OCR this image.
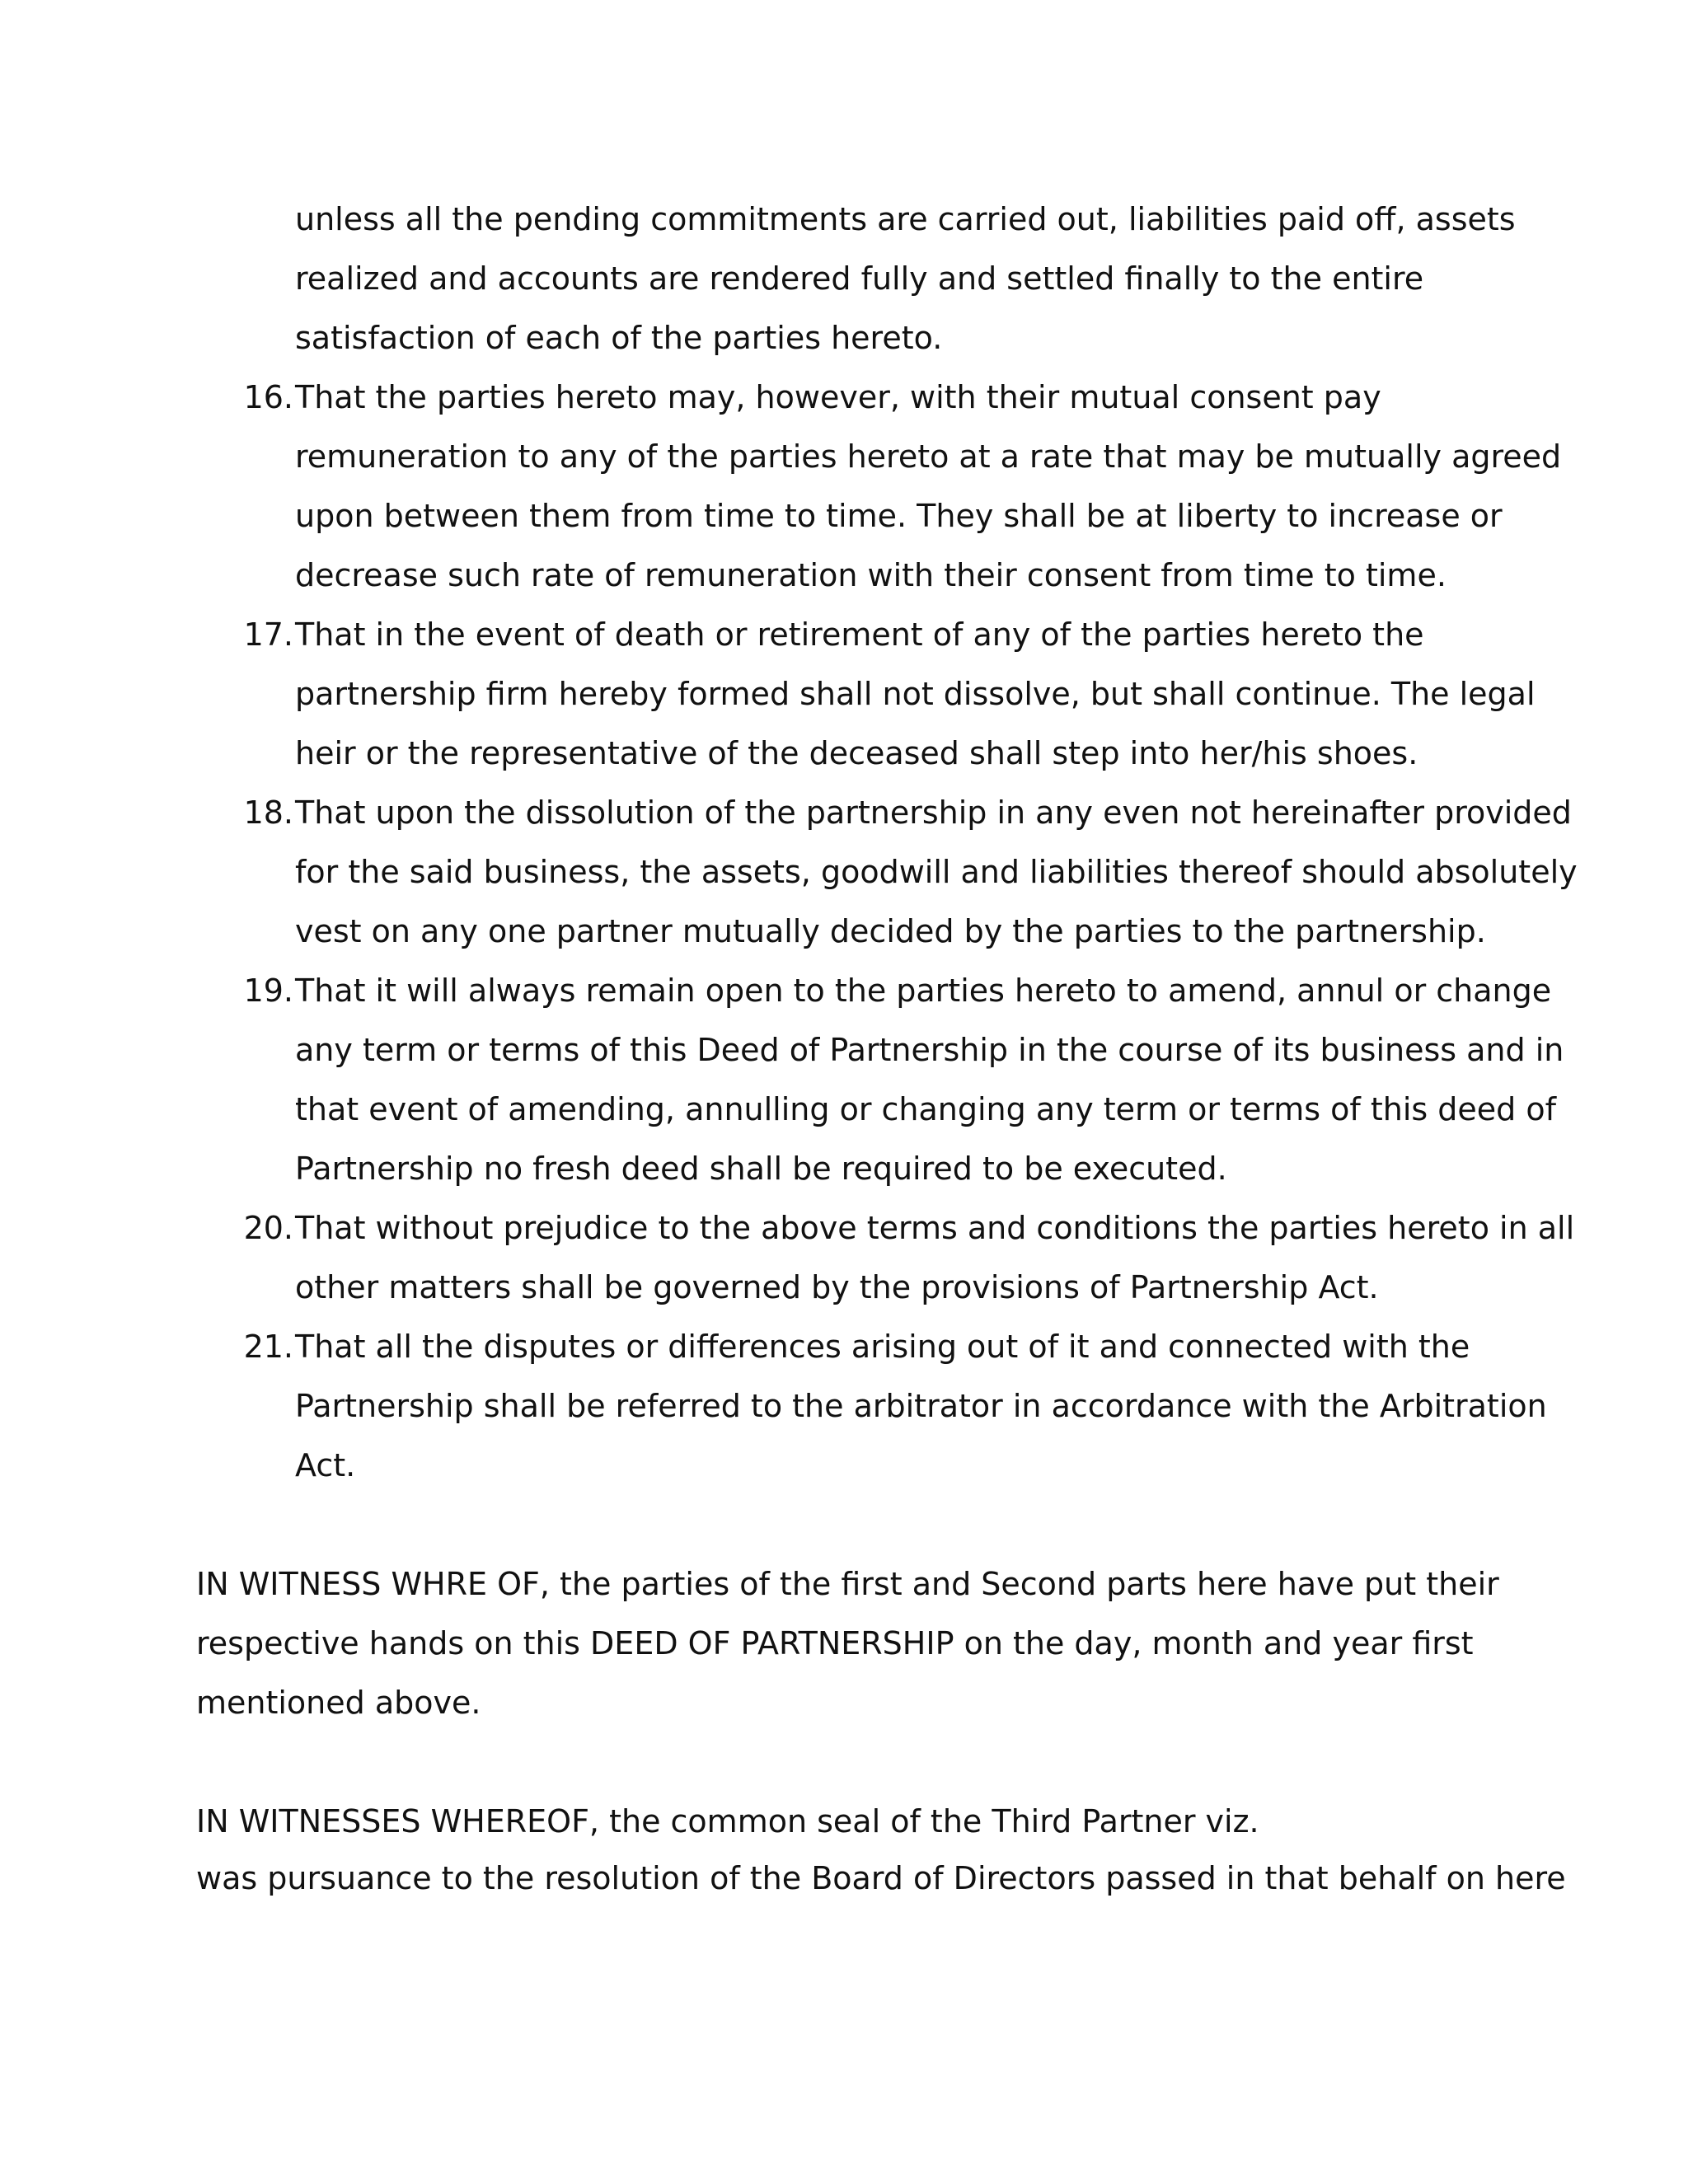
unless all the pending commitments are carried out, liabilities paid off, assets
realized and accounts are rendered fully and settled finally to the entire
satisfaction of each of the parties hereto.
16. That the parties hereto may, however, with their mutual consent pay
remuneration to any of the parties hereto at a rate that may be mutually agreed
upon between them from time to time. They shall be at liberty to increase or
decrease such rate of remuneration with their consent from time to time.
17. That in the event of death or retirement of any of the parties hereto the
partnership firm hereby formed shall not dissolve, but shall continue. The legal
heir or the representative of the deceased shall step into her/his shoes.
18. That upon the dissolution of the partnership in any even not hereinafter provided
for the said business, the assets, goodwill and liabilities thereof should absolutely
vest on any one partner mutually decided by the parties to the partnership.
19. That it will always remain open to the parties hereto to amend, annul or change
any term or terms of this Deed of Partnership in the course of its business and in
that event of amending, annulling or changing any term or terms of this deed of
Partnership no fresh deed shall be required to be executed.
20. That without prejudice to the above terms and conditions the parties hereto in all
other matters shall be governed by the provisions of Partnership Act.
21. That all the disputes or differences arising out of it and connected with the
Partnership shall be referred to the arbitrator in accordance with the Arbitration
Act.
IN WITNESS WHRE OF, the parties of the first and Second parts here have put their
respective hands on this DEED OF PARTNERSHIP on the day, month and year first
mentioned above.
IN WITNESSES WHEREOF, the common seal of the Third Partner viz.
was pursuance to the resolution of the Board of Directors passed in that behalf on here
